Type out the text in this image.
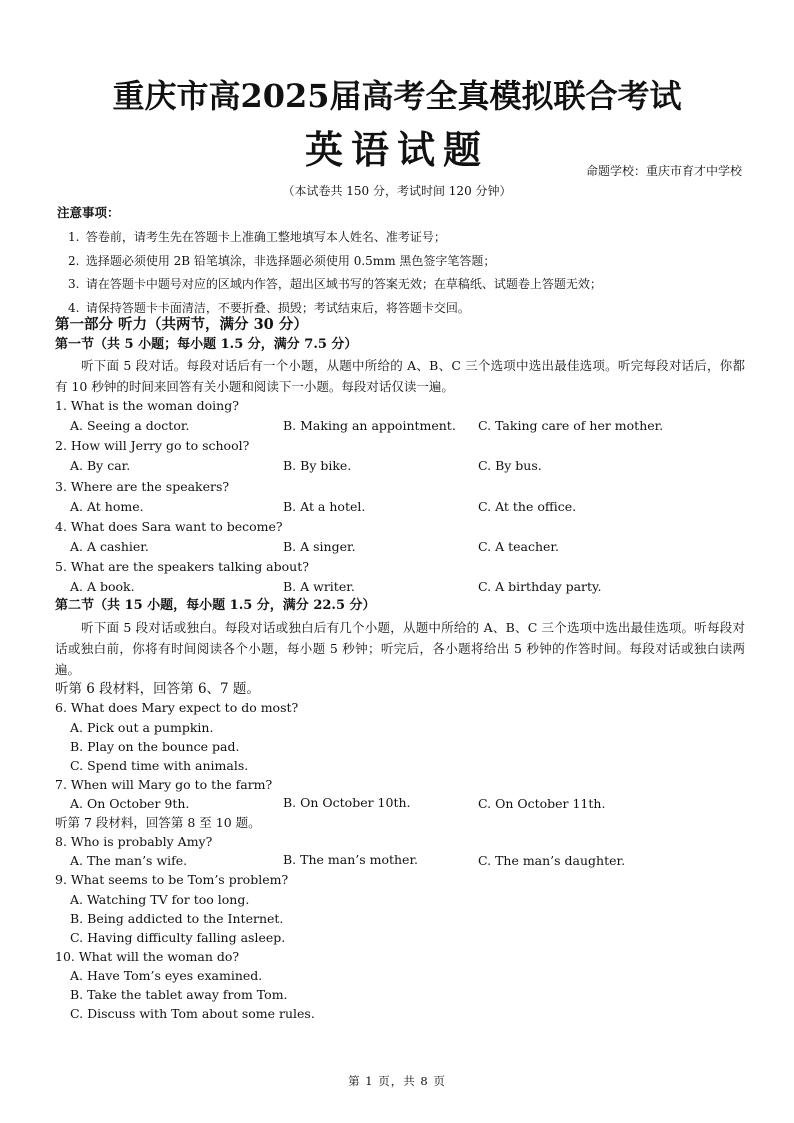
重庆市高2025届高考全真模拟联合考试
英语试题	命题学校：重庆市育才中学校
（本试卷共 150 分，考试时间 120 分钟）
注意事项：
1. 答卷前，请考生先在答题卡上准确工整地填写本人姓名、准考证号；
2. 选择题必须使用 2B 铅笔填涂，非选择题必须使用 0.5mm 黑色签字笔答题；
3. 请在答题卡中题号对应的区域内作答，超出区域书写的答案无效；在草稿纸、试题卷上答题无效；
4. 请保持答题卡卡面清洁，不要折叠、损毁；考试结束后，将答题卡交回。
第一部分 听力（共两节，满分 30 分）
第一节（共 5 小题；每小题 1.5 分，满分 7.5 分）
听下面 5 段对话。每段对话后有一个小题，从题中所给的 A、B、C 三个选项中选出最佳选项。听完每段对话后，你都有 10 秒钟的时间来回答有关小题和阅读下一小题。每段对话仅读一遍。
1. What is the woman doing?
A. Seeing a doctor.	B. Making an appointment. C. Taking care of her mother.
2. How will Jerry go to school?
A. By car.	B. By bike.	C. By bus.
3. Where are the speakers?
A. At home.	B. At a hotel.	C. At the office.
4. What does Sara want to become?
A. A cashier.	B. A singer.	C. A teacher.
5. What are the speakers talking about?
A. A book.	B. A writer.	C. A birthday party.
第二节（共 15 小题，每小题 1.5 分，满分 22.5 分）
听下面 5 段对话或独白。每段对话或独白后有几个小题，从题中所给的 A、B、C 三个选项中选出最佳选项。听每段对话或独白前，你将有时间阅读各个小题，每小题 5 秒钟；听完后，各小题将给出 5 秒钟的作答时间。每段对话或独白读两遍。
听第 6 段材料，回答第 6、7 题。
6. What does Mary expect to do most?
A. Pick out a pumpkin.
B. Play on the bounce pad.
C. Spend time with animals.
7. When will Mary go to the farm?
A. On October 9th.	B. On October 10th.	C. On October 11th.
听第 7 段材料，回答第 8 至 10 题。
8. Who is probably Amy?
A. The man’s wife.	B. The man’s mother.	C. The man’s daughter.
9. What seems to be Tom’s problem?
A. Watching TV for too long.
B. Being addicted to the Internet.
C. Having difficulty falling asleep.
10. What will the woman do?
A. Have Tom’s eyes examined.
B. Take the tablet away from Tom.
C. Discuss with Tom about some rules.
第 1 页，共 8 页
